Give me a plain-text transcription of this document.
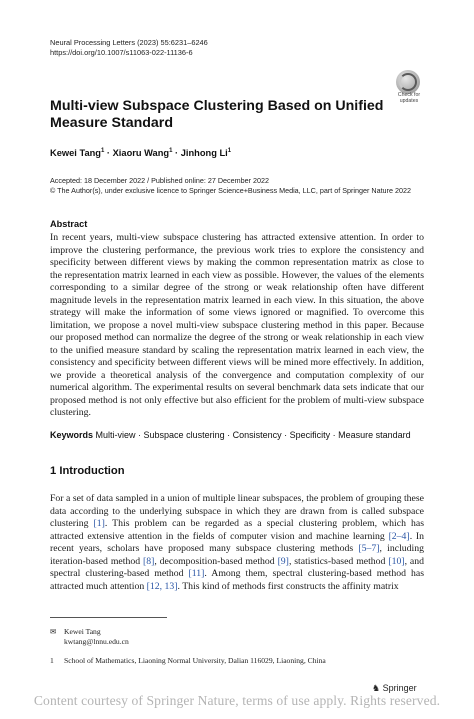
Neural Processing Letters (2023) 55:6231–6246
https://doi.org/10.1007/s11063-022-11136-6
Check for
updates
Multi-view Subspace Clustering Based on Unified Measure Standard
Kewei Tang$^1$ · Xiaoru Wang$^1$ · Jinhong Li$^1$
Accepted: 18 December 2022 / Published online: 27 December 2022
© The Author(s), under exclusive licence to Springer Science+Business Media, LLC, part of Springer Nature 2022
Abstract
In recent years, multi-view subspace clustering has attracted extensive attention. In order to improve the clustering performance, the previous work tries to explore the consistency and specificity between different views by making the common representation matrix as close to the representation matrix learned in each view as possible. However, the values of the elements corresponding to a similar degree of the strong or weak relationship often have different magnitude levels in the representation matrix learned in each view. In this situation, the above strategy will make the information of some views ignored or magnified. To overcome this limitation, we propose a novel multi-view subspace clustering method in this paper. Because our proposed method can normalize the degree of the strong or weak relationship in each view to the unified measure standard by scaling the representation matrix learned in each view, the consistency and specificity between different views will be mined more effectively. In addition, we provide a theoretical analysis of the convergence and computation complexity of our numerical algorithm. The experimental results on several benchmark data sets indicate that our proposed method is not only effective but also efficient for the problem of multi-view subspace clustering.
Keywords Multi-view · Subspace clustering · Consistency · Specificity · Measure standard
1 Introduction
For a set of data sampled in a union of multiple linear subspaces, the problem of grouping these data according to the underlying subspace in which they are drawn from is called subspace clustering [1]. This problem can be regarded as a special clustering problem, which has attracted extensive attention in the fields of computer vision and machine learning [2–4]. In recent years, scholars have proposed many subspace clustering methods [5–7], including iteration-based method [8], decomposition-based method [9], statistics-based method [10], and spectral clustering-based method [11]. Among them, spectral clustering-based method has attracted much attention [12, 13]. This kind of methods first constructs the affinity matrix
✉ Kewei Tang
kwtang@lnnu.edu.cn
1 School of Mathematics, Liaoning Normal University, Dalian 116029, Liaoning, China
♞ Springer
Content courtesy of Springer Nature, terms of use apply. Rights reserved.
